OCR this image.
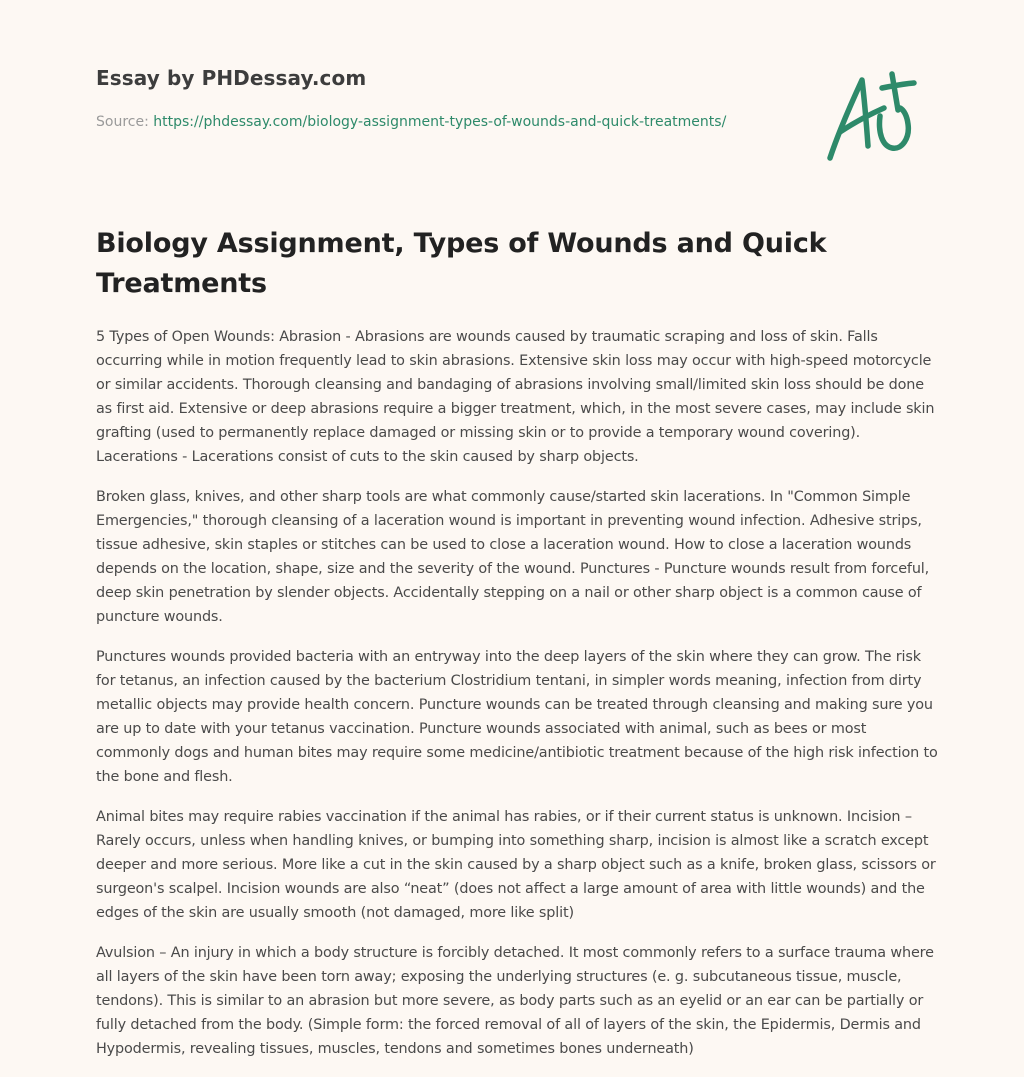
Essay by PHDessay.com
Source: https://phdessay.com/biology-assignment-types-of-wounds-and-quick-treatments/
Biology Assignment, Types of Wounds and Quick Treatments

5 Types of Open Wounds: Abrasion - Abrasions are wounds caused by traumatic scraping and loss of skin. Falls occurring while in motion frequently lead to skin abrasions. Extensive skin loss may occur with high-speed motorcycle or similar accidents. Thorough cleansing and bandaging of abrasions involving small/limited skin loss should be done as first aid. Extensive or deep abrasions require a bigger treatment, which, in the most severe cases, may include skin grafting (used to permanently replace damaged or missing skin or to provide a temporary wound covering). Lacerations - Lacerations consist of cuts to the skin caused by sharp objects.

Broken glass, knives, and other sharp tools are what commonly cause/started skin lacerations. In "Common Simple Emergencies," thorough cleansing of a laceration wound is important in preventing wound infection. Adhesive strips, tissue adhesive, skin staples or stitches can be used to close a laceration wound. How to close a laceration wounds depends on the location, shape, size and the severity of the wound. Punctures - Puncture wounds result from forceful, deep skin penetration by slender objects. Accidentally stepping on a nail or other sharp object is a common cause of puncture wounds.

Punctures wounds provided bacteria with an entryway into the deep layers of the skin where they can grow. The risk for tetanus, an infection caused by the bacterium Clostridium tentani, in simpler words meaning, infection from dirty metallic objects may provide health concern. Puncture wounds can be treated through cleansing and making sure you are up to date with your tetanus vaccination. Puncture wounds associated with animal, such as bees or most commonly dogs and human bites may require some medicine/antibiotic treatment because of the high risk infection to the bone and flesh.

Animal bites may require rabies vaccination if the animal has rabies, or if their current status is unknown. Incision – Rarely occurs, unless when handling knives, or bumping into something sharp, incision is almost like a scratch except deeper and more serious. More like a cut in the skin caused by a sharp object such as a knife, broken glass, scissors or surgeon's scalpel. Incision wounds are also “neat” (does not affect a large amount of area with little wounds) and the edges of the skin are usually smooth (not damaged, more like split)

Avulsion – An injury in which a body structure is forcibly detached. It most commonly refers to a surface trauma where all layers of the skin have been torn away; exposing the underlying structures (e. g. subcutaneous tissue, muscle, tendons). This is similar to an abrasion but more severe, as body parts such as an eyelid or an ear can be partially or fully detached from the body. (Simple form: the forced removal of all of layers of the skin, the Epidermis, Dermis and Hypodermis, revealing tissues, muscles, tendons and sometimes bones underneath)
